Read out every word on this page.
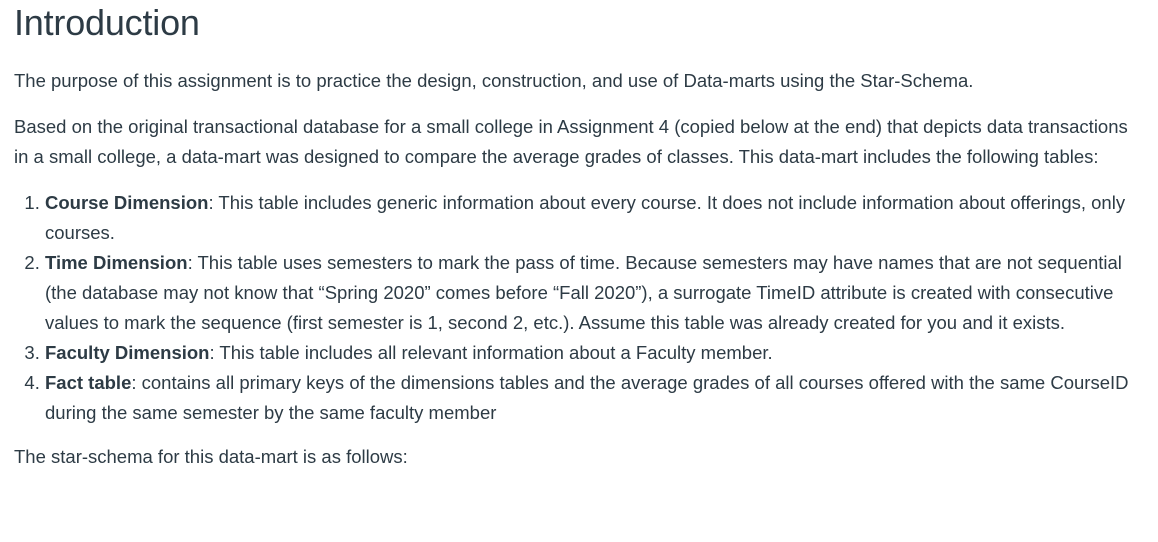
Introduction

The purpose of this assignment is to practice the design, construction, and use of Data-marts using the Star-Schema.

Based on the original transactional database for a small college in Assignment 4 (copied below at the end) that depicts data transactions in a small college, a data-mart was designed to compare the average grades of classes. This data-mart includes the following tables:

1. Course Dimension: This table includes generic information about every course. It does not include information about offerings, only courses.
2. Time Dimension: This table uses semesters to mark the pass of time. Because semesters may have names that are not sequential (the database may not know that “Spring 2020” comes before “Fall 2020”), a surrogate TimeID attribute is created with consecutive values to mark the sequence (first semester is 1, second 2, etc.). Assume this table was already created for you and it exists.
3. Faculty Dimension: This table includes all relevant information about a Faculty member.
4. Fact table: contains all primary keys of the dimensions tables and the average grades of all courses offered with the same CourseID during the same semester by the same faculty member

The star-schema for this data-mart is as follows:
